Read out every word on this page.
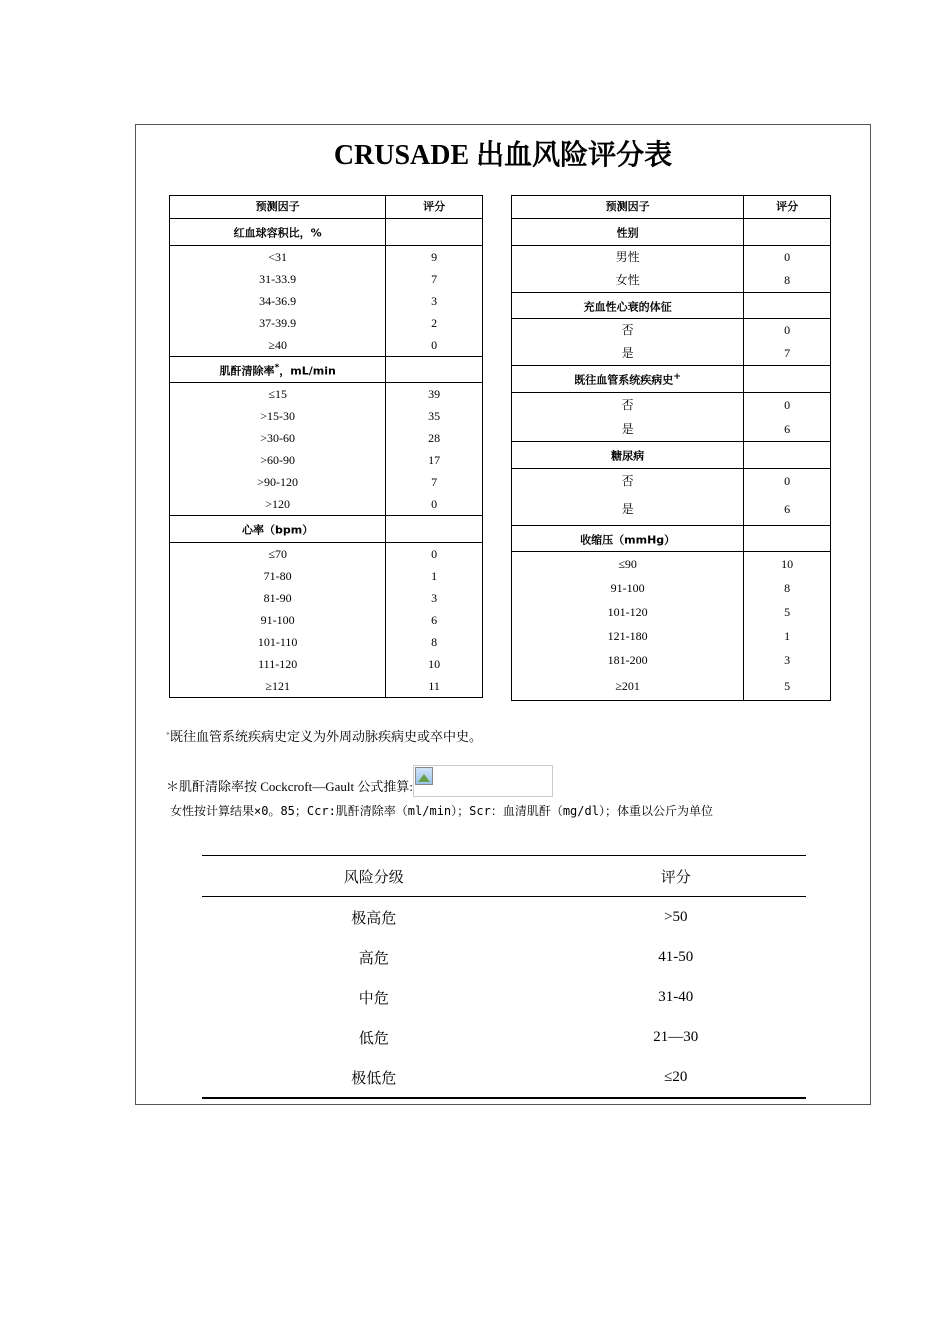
CRUSADE 出血风险评分表
预测因子	评分
红血球容积比，%	
<31	9
31-33.9	7
34-36.9	3
37-39.9	2
≥40	0
肌酐清除率*，mL/min	
≤15	39
>15-30	35
>30-60	28
>60-90	17
>90-120	7
>120	0
心率（bpm）	
≤70	0
71-80	1
81-90	3
91-100	6
101-110	8
111-120	10
≥121	11
预测因子	评分
性别	
男性	0
女性	8
充血性心衰的体征	
否	0
是	7
既往血管系统疾病史+	
否	0
是	6
糖尿病	
否	0
是	6
收缩压（mmHg）	
≤90	10
91-100	8
101-120	5
121-180	1
181-200	3
≥201	5
+既往血管系统疾病史定义为外周动脉疾病史或卒中史。
＊肌酐清除率按 Cockcroft—Gault 公式推算:
女性按计算结果×0。85；Ccr:肌酐清除率（ml/min）；Scr：血清肌酐（mg/dl）；体重以公斤为单位
风险分级	评分
极高危	>50
高危	41-50
中危	31-40
低危	21—30
极低危	≤20
